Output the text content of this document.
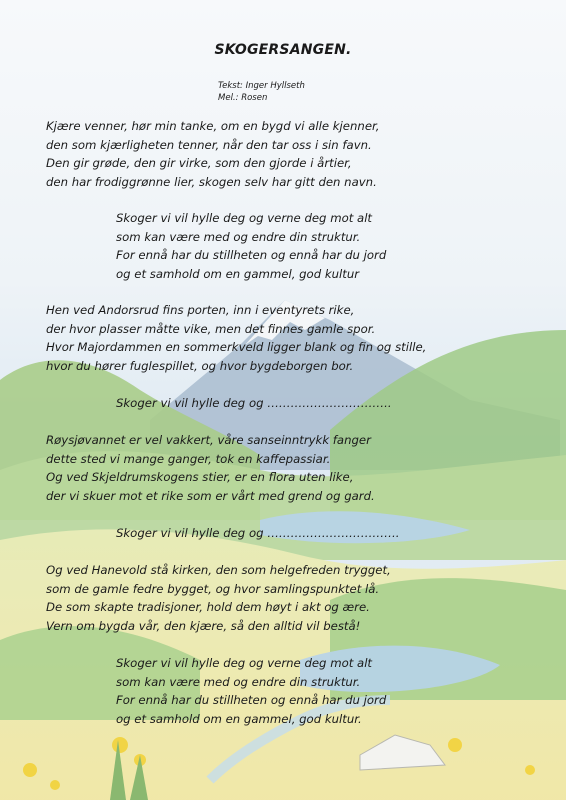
SKOGERSANGEN.
Tekst: Inger Hyllseth
Mel.: Rosen

Kjære venner, hør min tanke, om en bygd vi alle kjenner,
den som kjærligheten tenner, når den tar oss i sin favn.
Den gir grøde, den gir virke, som den gjorde i årtier,
den har frodiggrønne lier, skogen selv har gitt den navn.

Skoger vi vil hylle deg og verne deg mot alt
som kan være med og endre din struktur.
For ennå har du stillheten og ennå har du jord
og et samhold om en gammel, god kultur

Hen ved Andorsrud fins porten, inn i eventyrets rike,
der hvor plasser måtte vike, men det finnes gamle spor.
Hvor Majordammen en sommerkveld ligger blank og fin og stille,
hvor du hører fuglespillet, og hvor bygdeborgen bor.

Skoger vi vil hylle deg og …………………………..

Røysjøvannet er vel vakkert, våre sanseinntrykk fanger
dette sted vi mange ganger, tok en kaffepassiar.
Og ved Skjeldrumskogens stier, er en flora uten like,
der vi skuer mot et rike som er vårt med grend og gard.

Skoger vi vil hylle deg og …………………………….

Og ved Hanevold stå kirken, den som helgefreden trygget,
som de gamle fedre bygget, og hvor samlingspunktet lå.
De som skapte tradisjoner, hold dem høyt i akt og ære.
Vern om bygda vår, den kjære, så den alltid vil bestå!

Skoger vi vil hylle deg og verne deg mot alt
som kan være med og endre din struktur.
For ennå har du stillheten og ennå har du jord
og et samhold om en gammel, god kultur.
